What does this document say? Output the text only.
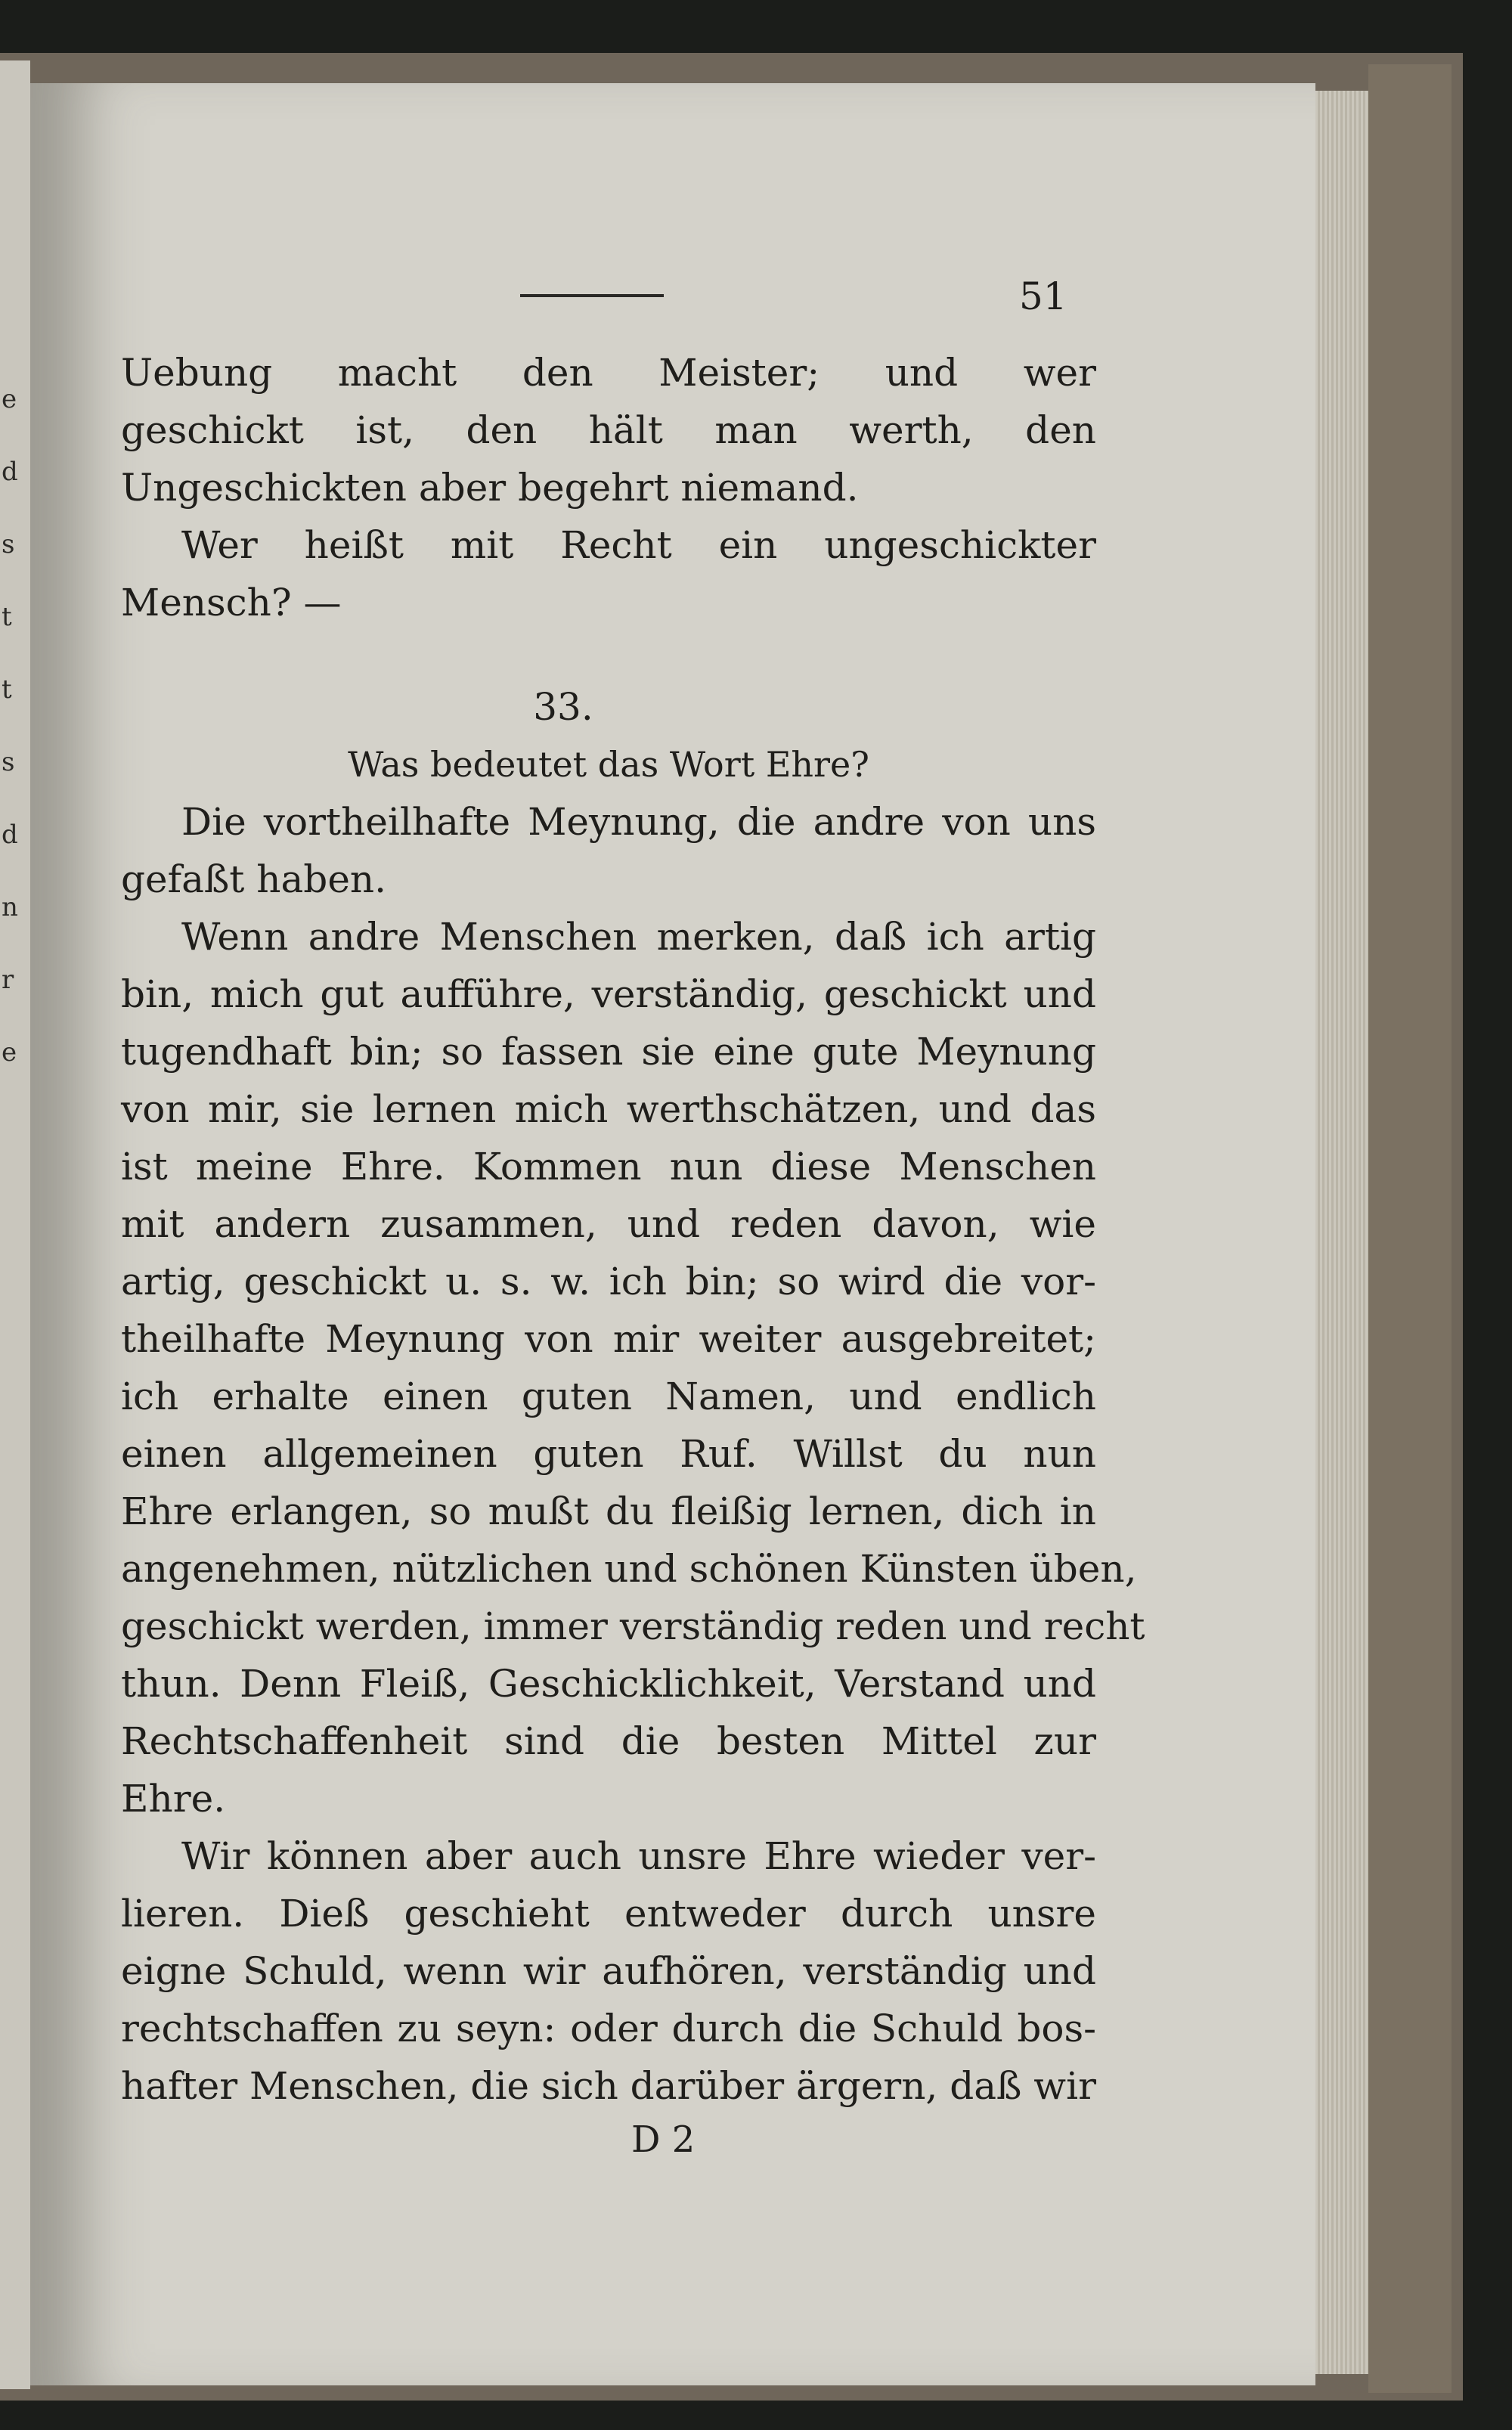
e
d
s
t
t
s
d
n
r
e
51
Uebung macht den Meister; und wer
geschickt ist, den hält man werth, den
Ungeschickten aber begehrt niemand.
Wer heißt mit Recht ein ungeschickter
Mensch? —
33.
Was bedeutet das Wort Ehre?
Die vortheilhafte Meynung, die andre von uns
gefaßt haben.
Wenn andre Menschen merken, daß ich artig
bin, mich gut aufführe, verständig, geschickt und
tugendhaft bin; so fassen sie eine gute Meynung
von mir, sie lernen mich werthschätzen, und das
ist meine Ehre. Kommen nun diese Menschen
mit andern zusammen, und reden davon, wie
artig, geschickt u. s. w. ich bin; so wird die vor-
theilhafte Meynung von mir weiter ausgebreitet;
ich erhalte einen guten Namen, und endlich
einen allgemeinen guten Ruf. Willst du nun
Ehre erlangen, so mußt du fleißig lernen, dich in
angenehmen, nützlichen und schönen Künsten üben,
geschickt werden, immer verständig reden und recht
thun. Denn Fleiß, Geschicklichkeit, Verstand und
Rechtschaffenheit sind die besten Mittel zur
Ehre.
Wir können aber auch unsre Ehre wieder ver-
lieren. Dieß geschieht entweder durch unsre
eigne Schuld, wenn wir aufhören, verständig und
rechtschaffen zu seyn: oder durch die Schuld bos-
hafter Menschen, die sich darüber ärgern, daß wir
D 2
